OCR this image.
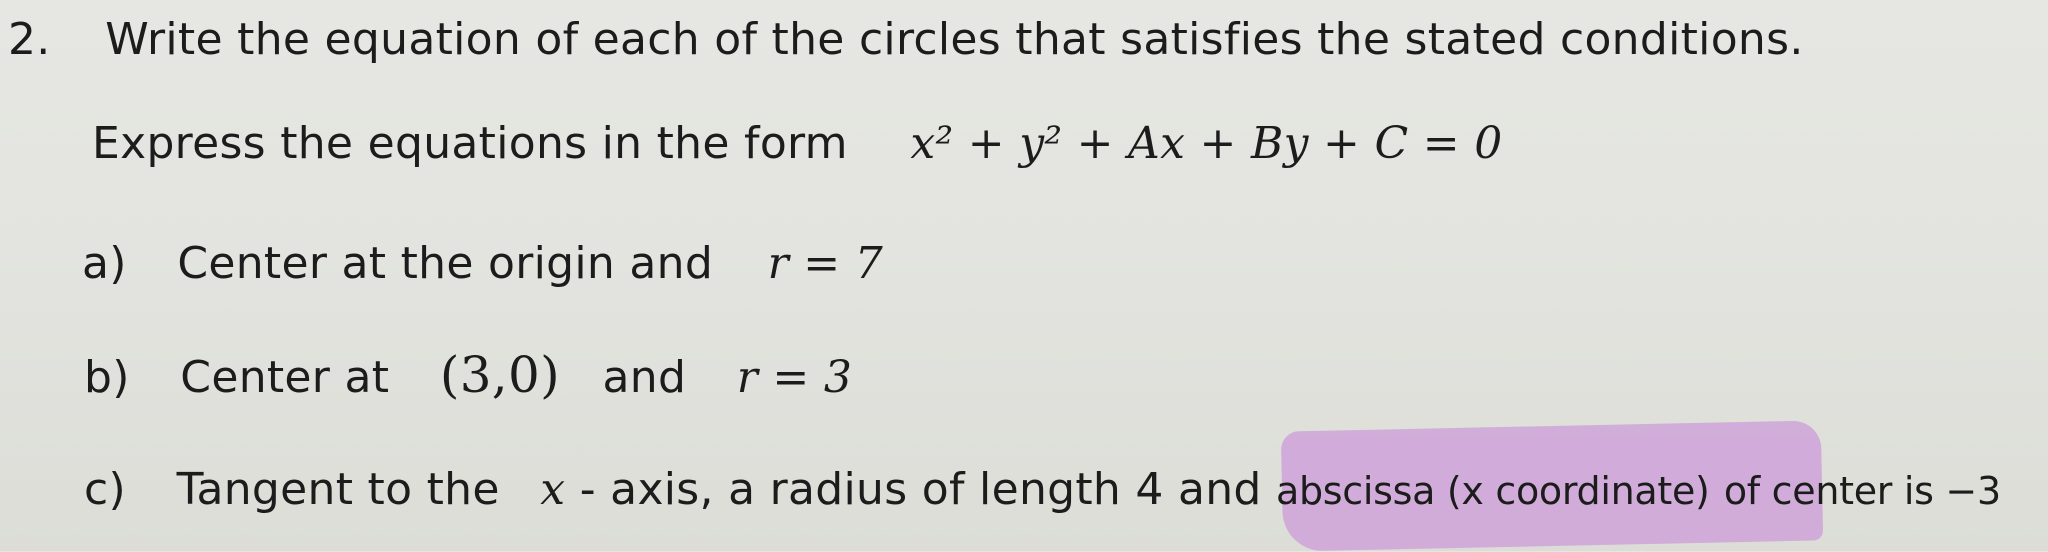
2. Write the equation of each of the circles that satisfies the stated conditions.
Express the equations in the form x² + y² + Ax + By + C = 0
a) Center at the origin and r = 7
b) Center at (3,0) and r = 3
c) Tangent to the x - axis, a radius of length 4 and abscissa (x coordinate) of center is −3
